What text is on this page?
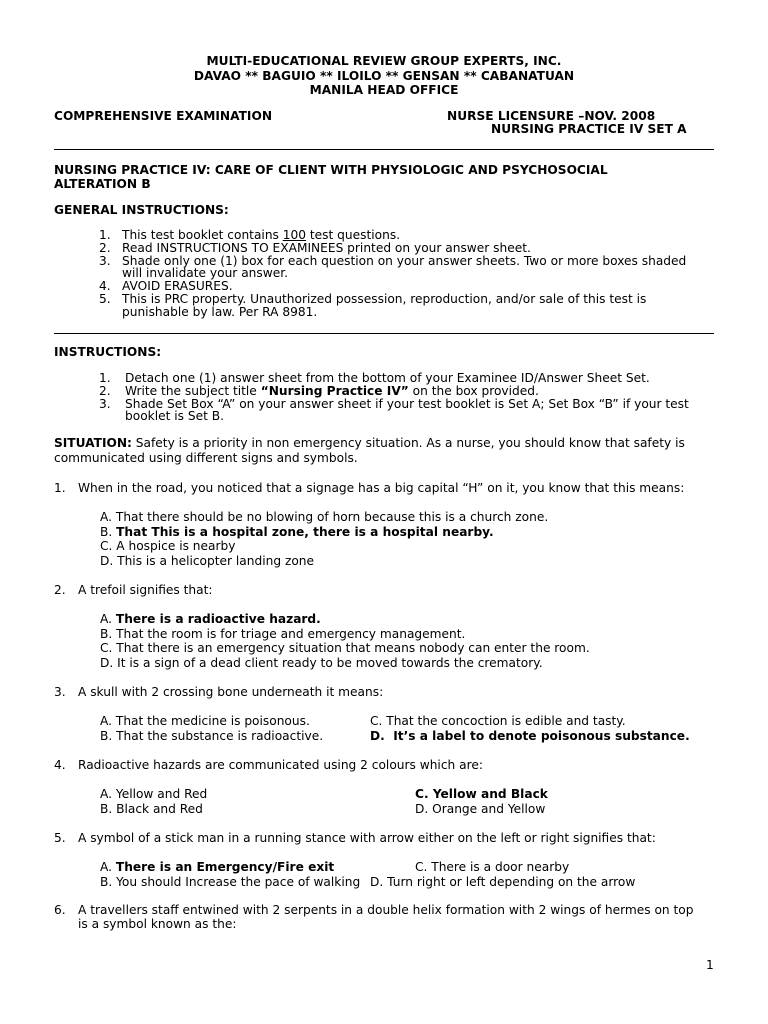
MULTI-EDUCATIONAL REVIEW GROUP EXPERTS, INC.
DAVAO ** BAGUIO ** ILOILO ** GENSAN ** CABANATUAN
MANILA HEAD OFFICE
COMPREHENSIVE EXAMINATION	NURSE LICENSURE –NOV. 2008
NURSING PRACTICE IV SET A
NURSING PRACTICE IV: CARE OF CLIENT WITH PHYSIOLOGIC AND PSYCHOSOCIAL
ALTERATION B
GENERAL INSTRUCTIONS:
1. This test booklet contains 100 test questions.
2. Read INSTRUCTIONS TO EXAMINEES printed on your answer sheet.
3. Shade only one (1) box for each question on your answer sheets. Two or more boxes shaded
will invalidate your answer.
4. AVOID ERASURES.
5. This is PRC property. Unauthorized possession, reproduction, and/or sale of this test is
punishable by law. Per RA 8981.
INSTRUCTIONS:
1. Detach one (1) answer sheet from the bottom of your Examinee ID/Answer Sheet Set.
2. Write the subject title “Nursing Practice IV” on the box provided.
3. Shade Set Box “A” on your answer sheet if your test booklet is Set A; Set Box “B” if your test
booklet is Set B.
SITUATION: Safety is a priority in non emergency situation. As a nurse, you should know that safety is
communicated using different signs and symbols.
1. When in the road, you noticed that a signage has a big capital “H” on it, you know that this means:
A. That there should be no blowing of horn because this is a church zone.
B. That This is a hospital zone, there is a hospital nearby.
C. A hospice is nearby
D. This is a helicopter landing zone
2. A trefoil signifies that:
A. There is a radioactive hazard.
B. That the room is for triage and emergency management.
C. That there is an emergency situation that means nobody can enter the room.
D. It is a sign of a dead client ready to be moved towards the crematory.
3. A skull with 2 crossing bone underneath it means:
A. That the medicine is poisonous.	C. That the concoction is edible and tasty.
B. That the substance is radioactive.	D.  It’s a label to denote poisonous substance.
4. Radioactive hazards are communicated using 2 colours which are:
A. Yellow and Red	C. Yellow and Black
B. Black and Red	D. Orange and Yellow
5. A symbol of a stick man in a running stance with arrow either on the left or right signifies that:
A. There is an Emergency/Fire exit	C. There is a door nearby
B. You should Increase the pace of walking D. Turn right or left depending on the arrow
6. A travellers staff entwined with 2 serpents in a double helix formation with 2 wings of hermes on top
is a symbol known as the:
1
